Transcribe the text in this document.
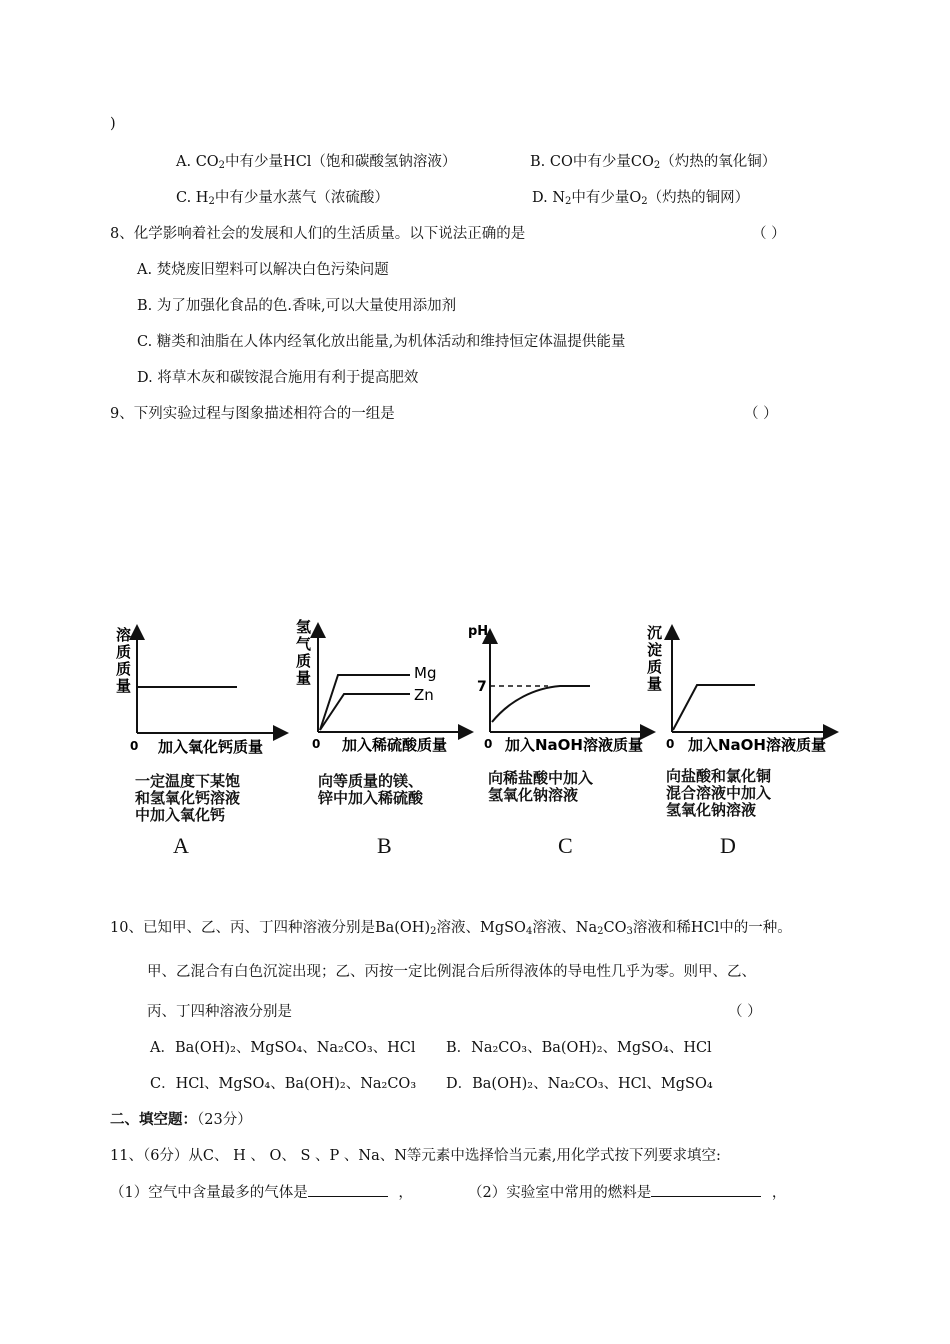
)
A. $CO_2$中有少量HCl（饱和碳酸氢钠溶液）	B. CO中有少量$CO_2$（灼热的氧化铜）
C. $H_2$中有少量水蒸气（浓硫酸）	D. $N_2$中有少量$O_2$（灼热的铜网）
8、化学影响着社会的发展和人们的生活质量。以下说法正确的是	（ ）
A. 焚烧废旧塑料可以解决白色污染问题
B. 为了加强化食品的色.香味,可以大量使用添加剂
C. 糖类和油脂在人体内经氧化放出能量,为机体活动和维持恒定体温提供能量
D. 将草木灰和碳铵混合施用有利于提高肥效
9、下列实验过程与图象描述相符合的一组是	（ ）
溶
质
质
量
0 加入氧化钙质量
氢
气
质
量	Mg
Zn
0 加入稀硫酸质量
pH
7
0 加入NaOH溶液质量
沉
淀
质
量
0 加入NaOH溶液质量
一定温度下某饱
和氢氧化钙溶液
中加入氧化钙
向等质量的镁、
锌中加入稀硫酸
向稀盐酸中加入
氢氧化钠溶液
向盐酸和氯化铜
混合溶液中加入
氢氧化钠溶液
A	B	C	D
10、已知甲、乙、丙、丁四种溶液分别是$Ba(OH)_2$溶液、MgSO$_4$溶液、$Na_2CO_3$溶液和稀HCl中的一种。
甲、乙混合有白色沉淀出现；乙、丙按一定比例混合后所得液体的导电性几乎为零。则甲、乙、
丙、丁四种溶液分别是	（ ）
A．Ba(OH)₂、MgSO₄、Na₂CO₃、HCl B．Na₂CO₃、Ba(OH)₂、MgSO₄、HCl
C．HCl、MgSO₄、Ba(OH)₂、Na₂CO₃ D．Ba(OH)₂、Na₂CO₃、HCl、MgSO₄
二、填空题：（23分）
11、（6分）从C、 H 、 O、 S 、P 、Na、N等元素中选择恰当元素,用化学式按下列要求填空:
（1）空气中含量最多的气体是	，	（2）实验室中常用的燃料是	，
